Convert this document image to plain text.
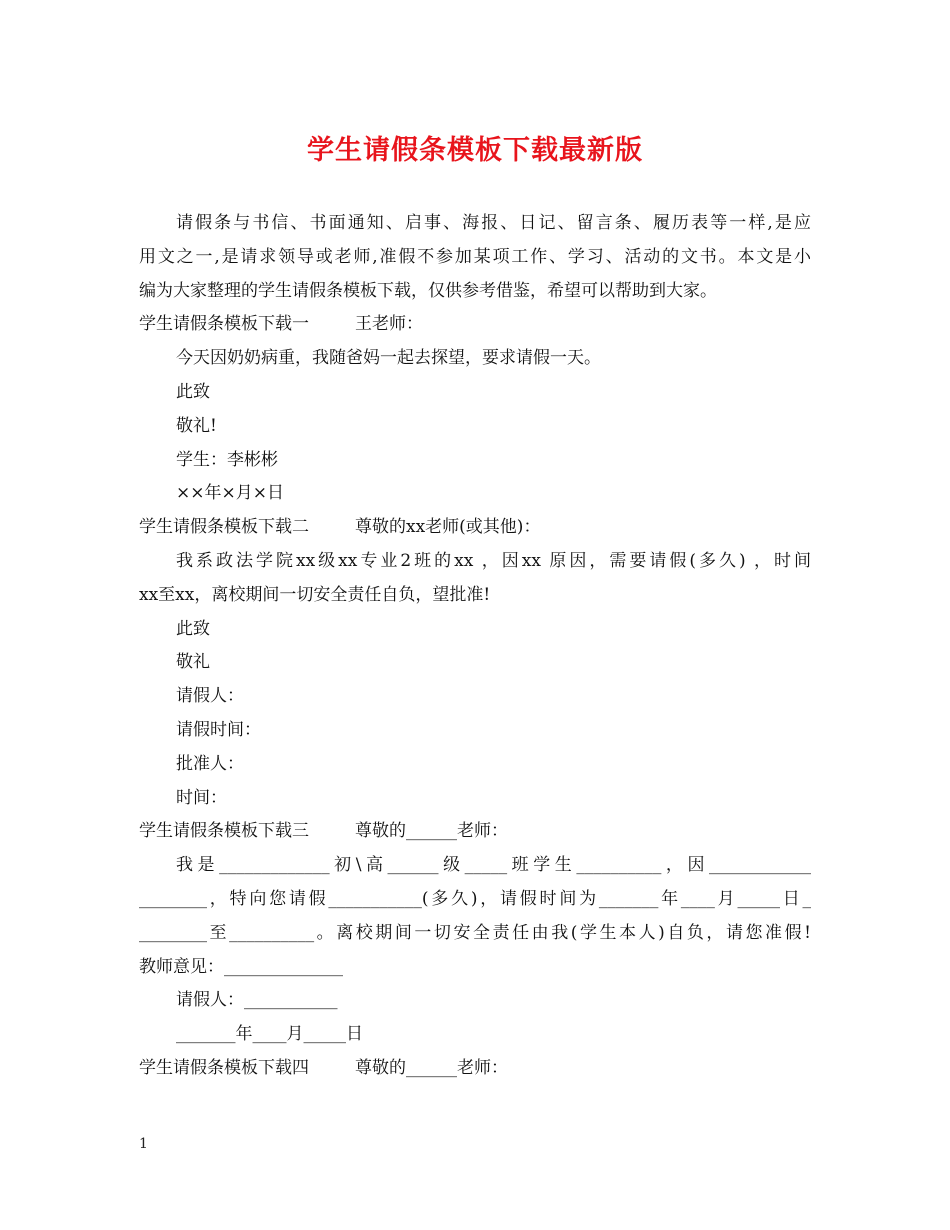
学生请假条模板下载最新版
请假条与书信、书面通知、启事、海报、日记、留言条、履历表等一样,是应
用文之一,是请求领导或老师,准假不参加某项工作、学习、活动的文书。本文是小
编为大家整理的学生请假条模板下载，仅供参考借鉴，希望可以帮助到大家。
学生请假条模板下载一	王老师：
今天因奶奶病重，我随爸妈一起去探望，要求请假一天。
此致
敬礼!
学生：李彬彬
××年×月×日
学生请假条模板下载二	尊敬的xx老师(或其他)：
我系政法学院xx级xx专业2班的xx ，因xx 原因，需要请假(多久) ，时间
xx至xx，离校期间一切安全责任自负，望批准!
此致
敬礼
请假人：
请假时间：
批准人：
时间：
学生请假条模板下载三	尊敬的______老师：
我是_____________初\高______级_____班学生__________，因____________
________，特向您请假___________(多久)，请假时间为_______年____月_____日_
________至__________。离校期间一切安全责任由我(学生本人)自负，请您准假!
教师意见：______________
请假人：___________
_______年____月_____日
学生请假条模板下载四	尊敬的______老师：
1
